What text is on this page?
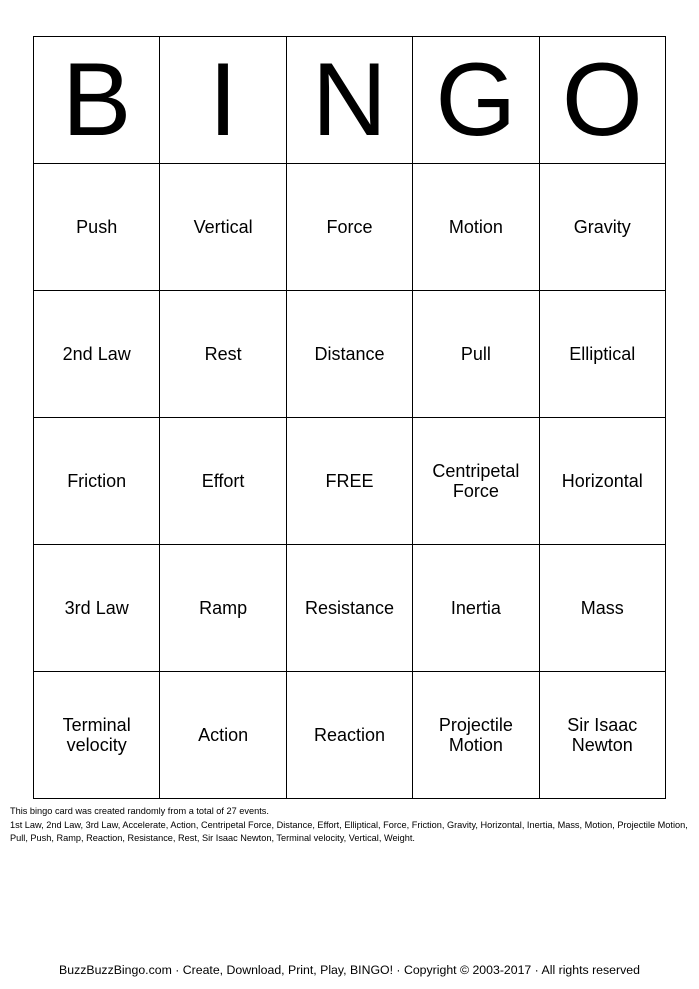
B	I	N	G	O

Push	Vertical	Force	Motion	Gravity

2nd Law	Rest	Distance	Pull	Elliptical

Friction	Effort	FREE	Centripetal Force	Horizontal

3rd Law	Ramp	Resistance	Inertia	Mass

Terminal velocity	Action	Reaction	Projectile Motion	Sir Isaac Newton

This bingo card was created randomly from a total of 27 events.

1st Law, 2nd Law, 3rd Law, Accelerate, Action, Centripetal Force, Distance, Effort, Elliptical, Force, Friction, Gravity, Horizontal, Inertia, Mass, Motion, Projectile Motion, Pull, Push, Ramp, Reaction, Resistance, Rest, Sir Isaac Newton, Terminal velocity, Vertical, Weight.

BuzzBuzzBingo.com · Create, Download, Print, Play, BINGO! · Copyright © 2003-2017 · All rights reserved
